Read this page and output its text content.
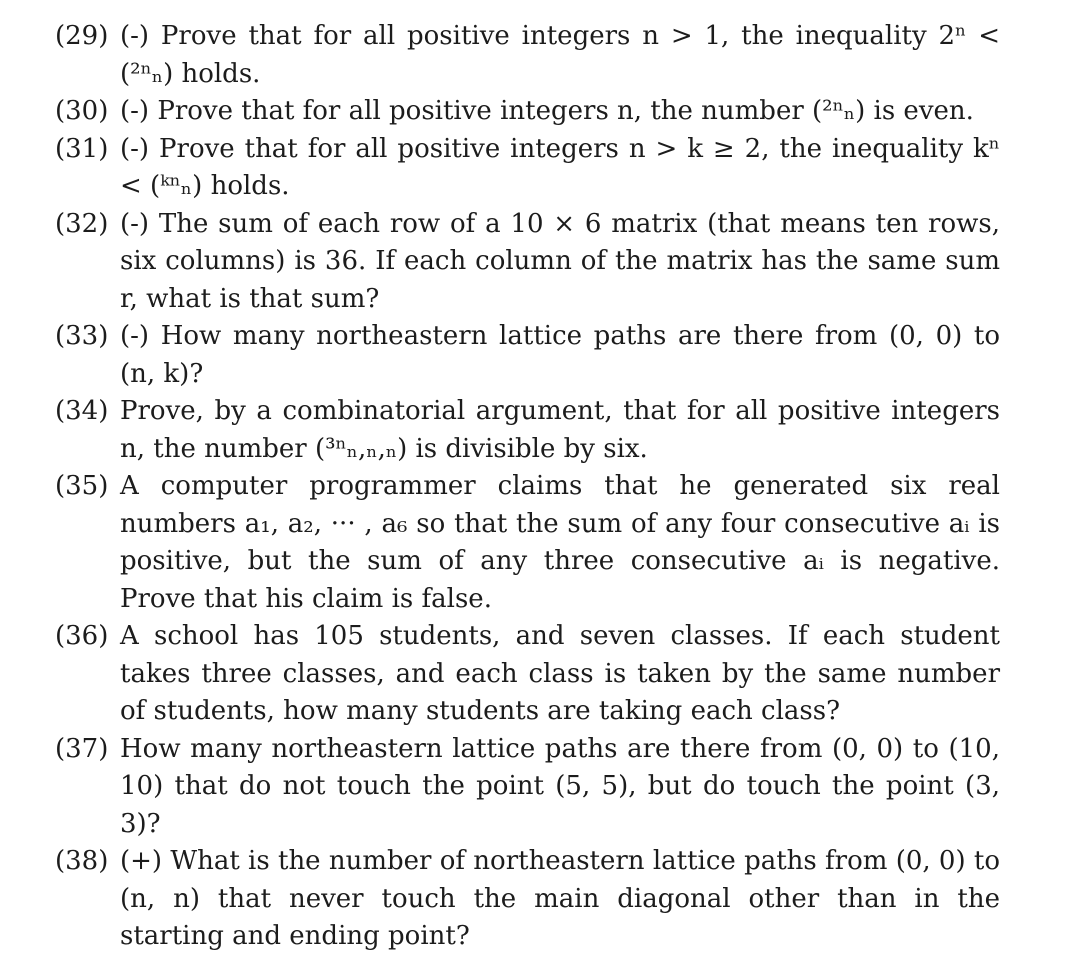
(29) (-) Prove that for all positive integers n > 1, the inequality 2ⁿ < (²ⁿₙ) holds.
(30) (-) Prove that for all positive integers n, the number (²ⁿₙ) is even.
(31) (-) Prove that for all positive integers n > k ≥ 2, the inequality kⁿ < (ᵏⁿₙ) holds.
(32) (-) The sum of each row of a 10 × 6 matrix (that means ten rows, six columns) is 36. If each column of the matrix has the same sum r, what is that sum?
(33) (-) How many northeastern lattice paths are there from (0, 0) to (n, k)?
(34) Prove, by a combinatorial argument, that for all positive integers n, the number (³ⁿₙ,ₙ,ₙ) is divisible by six.
(35) A computer programmer claims that he generated six real numbers a₁, a₂, ··· , a₆ so that the sum of any four consecutive aᵢ is positive, but the sum of any three consecutive aᵢ is negative. Prove that his claim is false.
(36) A school has 105 students, and seven classes. If each student takes three classes, and each class is taken by the same number of students, how many students are taking each class?
(37) How many northeastern lattice paths are there from (0, 0) to (10, 10) that do not touch the point (5, 5), but do touch the point (3, 3)?
(38) (+) What is the number of northeastern lattice paths from (0, 0) to (n, n) that never touch the main diagonal other than in the starting and ending point?
